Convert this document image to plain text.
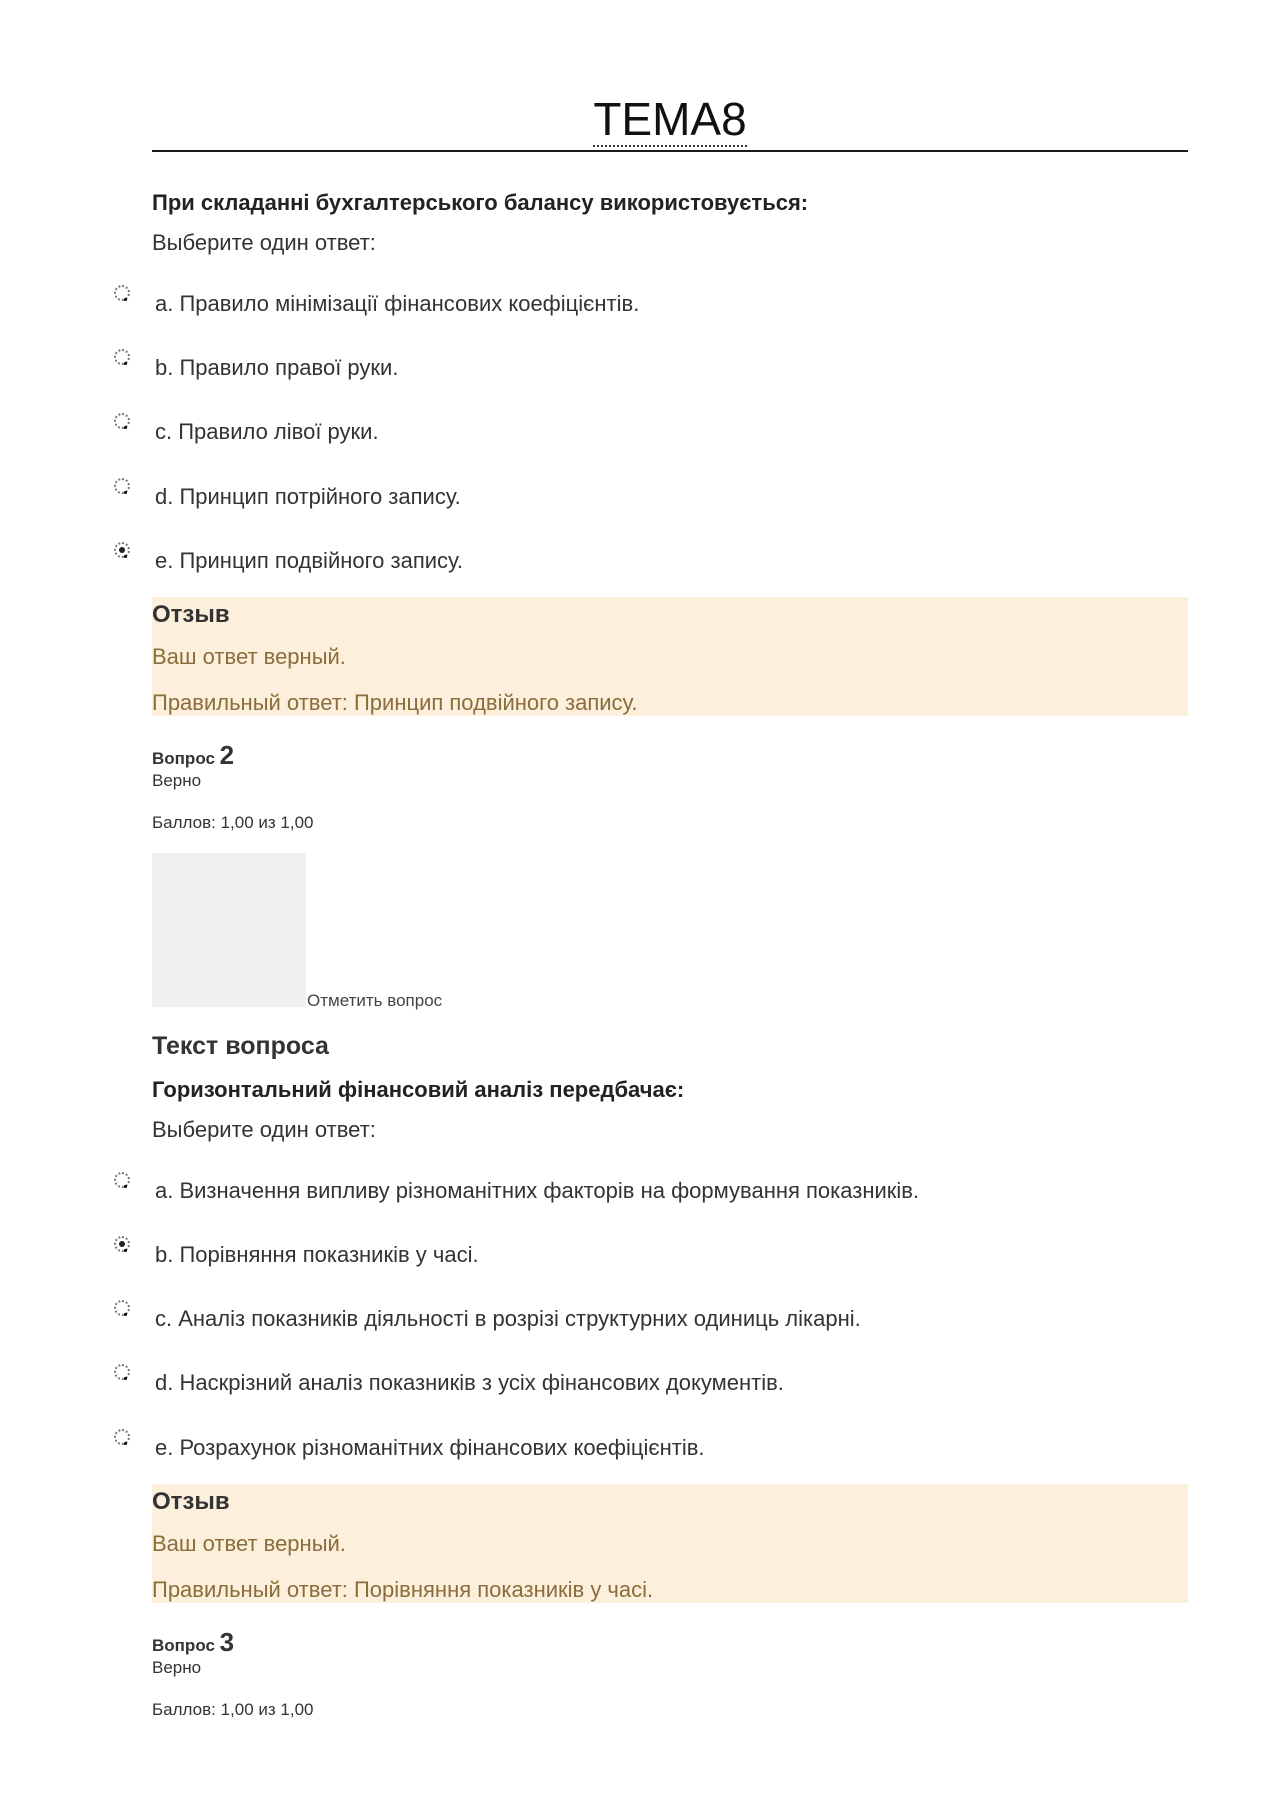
ТЕМА8
При складанні бухгалтерського балансу використовується:
Выберите один ответ:
a. Правило мінімізації фінансових коефіцієнтів.
b. Правило правої руки.
c. Правило лівої руки.
d. Принцип потрійного запису.
e. Принцип подвійного запису.
Отзыв
Ваш ответ верный.
Правильный ответ: Принцип подвійного запису.
Вопрос 2
Верно
Баллов: 1,00 из 1,00
Отметить вопрос
Текст вопроса
Горизонтальний фінансовий аналіз передбачає:
Выберите один ответ:
a. Визначення випливу різноманітних факторів на формування показників.
b. Порівняння показників у часі.
c. Аналіз показників діяльності в розрізі структурних одиниць лікарні.
d. Наскрізний аналіз показників з усіх фінансових документів.
e. Розрахунок різноманітних фінансових коефіцієнтів.
Отзыв
Ваш ответ верный.
Правильный ответ: Порівняння показників у часі.
Вопрос 3
Верно
Баллов: 1,00 из 1,00
